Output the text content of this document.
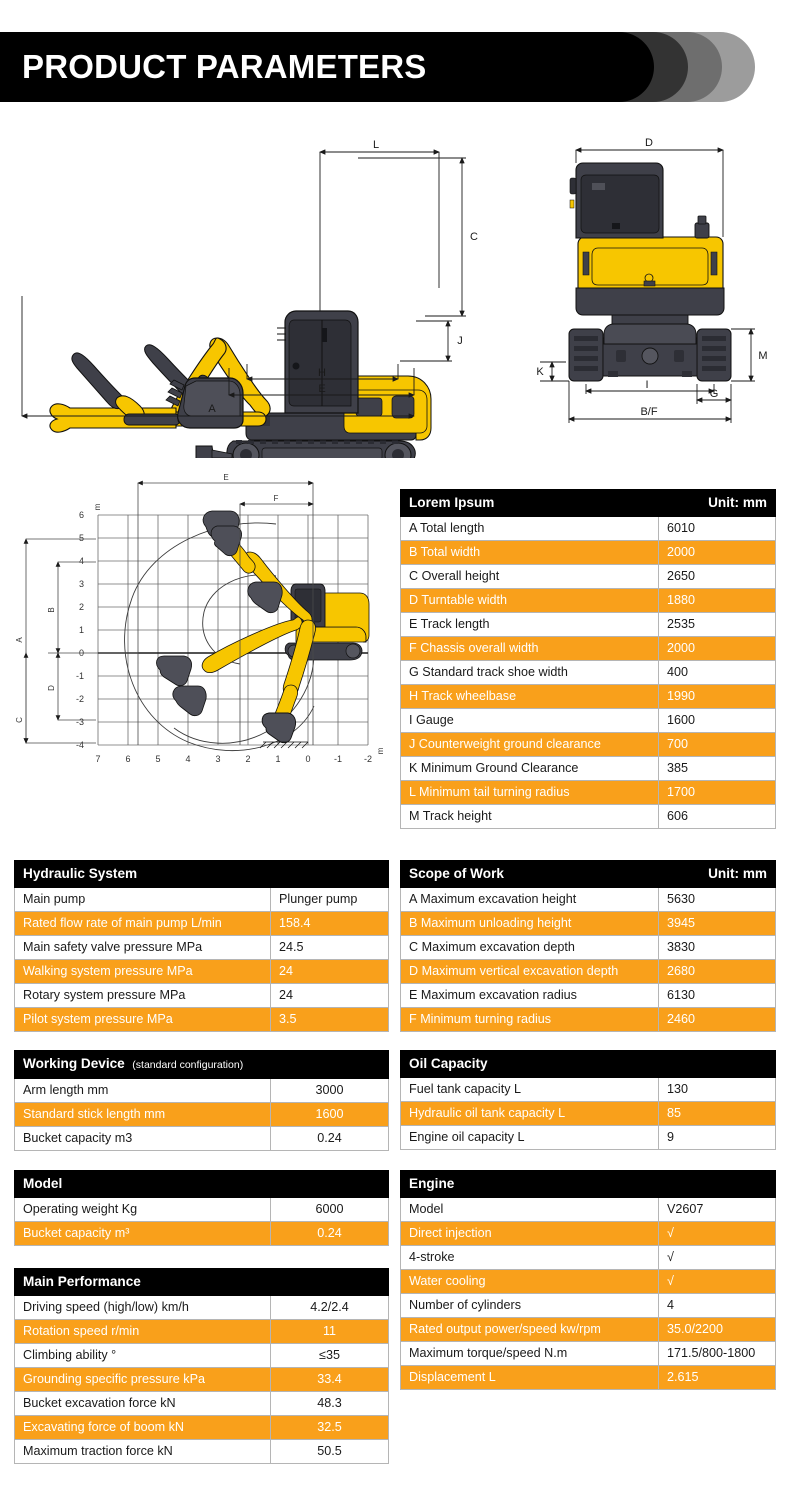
PRODUCT PARAMETERS
L
C
J
H
E
A
D
M
K
I
G
B/F
6
5
4
3
2
1
0
-1
-2
-3
-4
7	6	5	4	3	2	1	0	-1 -2
m
m
E
F
A
B
C
D
Lorem Ipsum	Unit: mm
A Total length	6010
B Total width	2000
C Overall height	2650
D Turntable width	1880
E Track length	2535
F Chassis overall width	2000
G Standard track shoe width	400
H Track wheelbase	1990
I Gauge	1600
J Counterweight ground clearance	700
K Minimum Ground Clearance	385
L Minimum tail turning radius	1700
M Track height	606
Hydraulic System	
Main pump	Plunger pump
Rated flow rate of main pump L/min	158.4
Main safety valve pressure MPa	24.5
Walking system pressure MPa	24
Rotary system pressure MPa	24
Pilot system pressure MPa	3.5
Scope of Work	Unit: mm
A Maximum excavation height	5630
B Maximum unloading height	3945
C Maximum excavation depth	3830
D Maximum vertical excavation depth	2680
E Maximum excavation radius	6130
F Minimum turning radius	2460
Working Device (standard configuration)	
Arm length mm	3000
Standard stick length mm	1600
Bucket capacity m3	0.24
Oil Capacity	
Fuel tank capacity L	130
Hydraulic oil tank capacity L	85
Engine oil capacity L	9
Model	
Operating weight Kg	6000
Bucket capacity m³	0.24
Engine	
Model	V2607
Direct injection	√
4-stroke	√
Water cooling	√
Number of cylinders	4
Rated output power/speed kw/rpm	35.0/2200
Maximum torque/speed N.m	171.5/800-1800
Displacement L	2.615
Main Performance	
Driving speed (high/low) km/h	4.2/2.4
Rotation speed r/min	11
Climbing ability °	≤35
Grounding specific pressure kPa	33.4
Bucket excavation force kN	48.3
Excavating force of boom kN	32.5
Maximum traction force kN	50.5
